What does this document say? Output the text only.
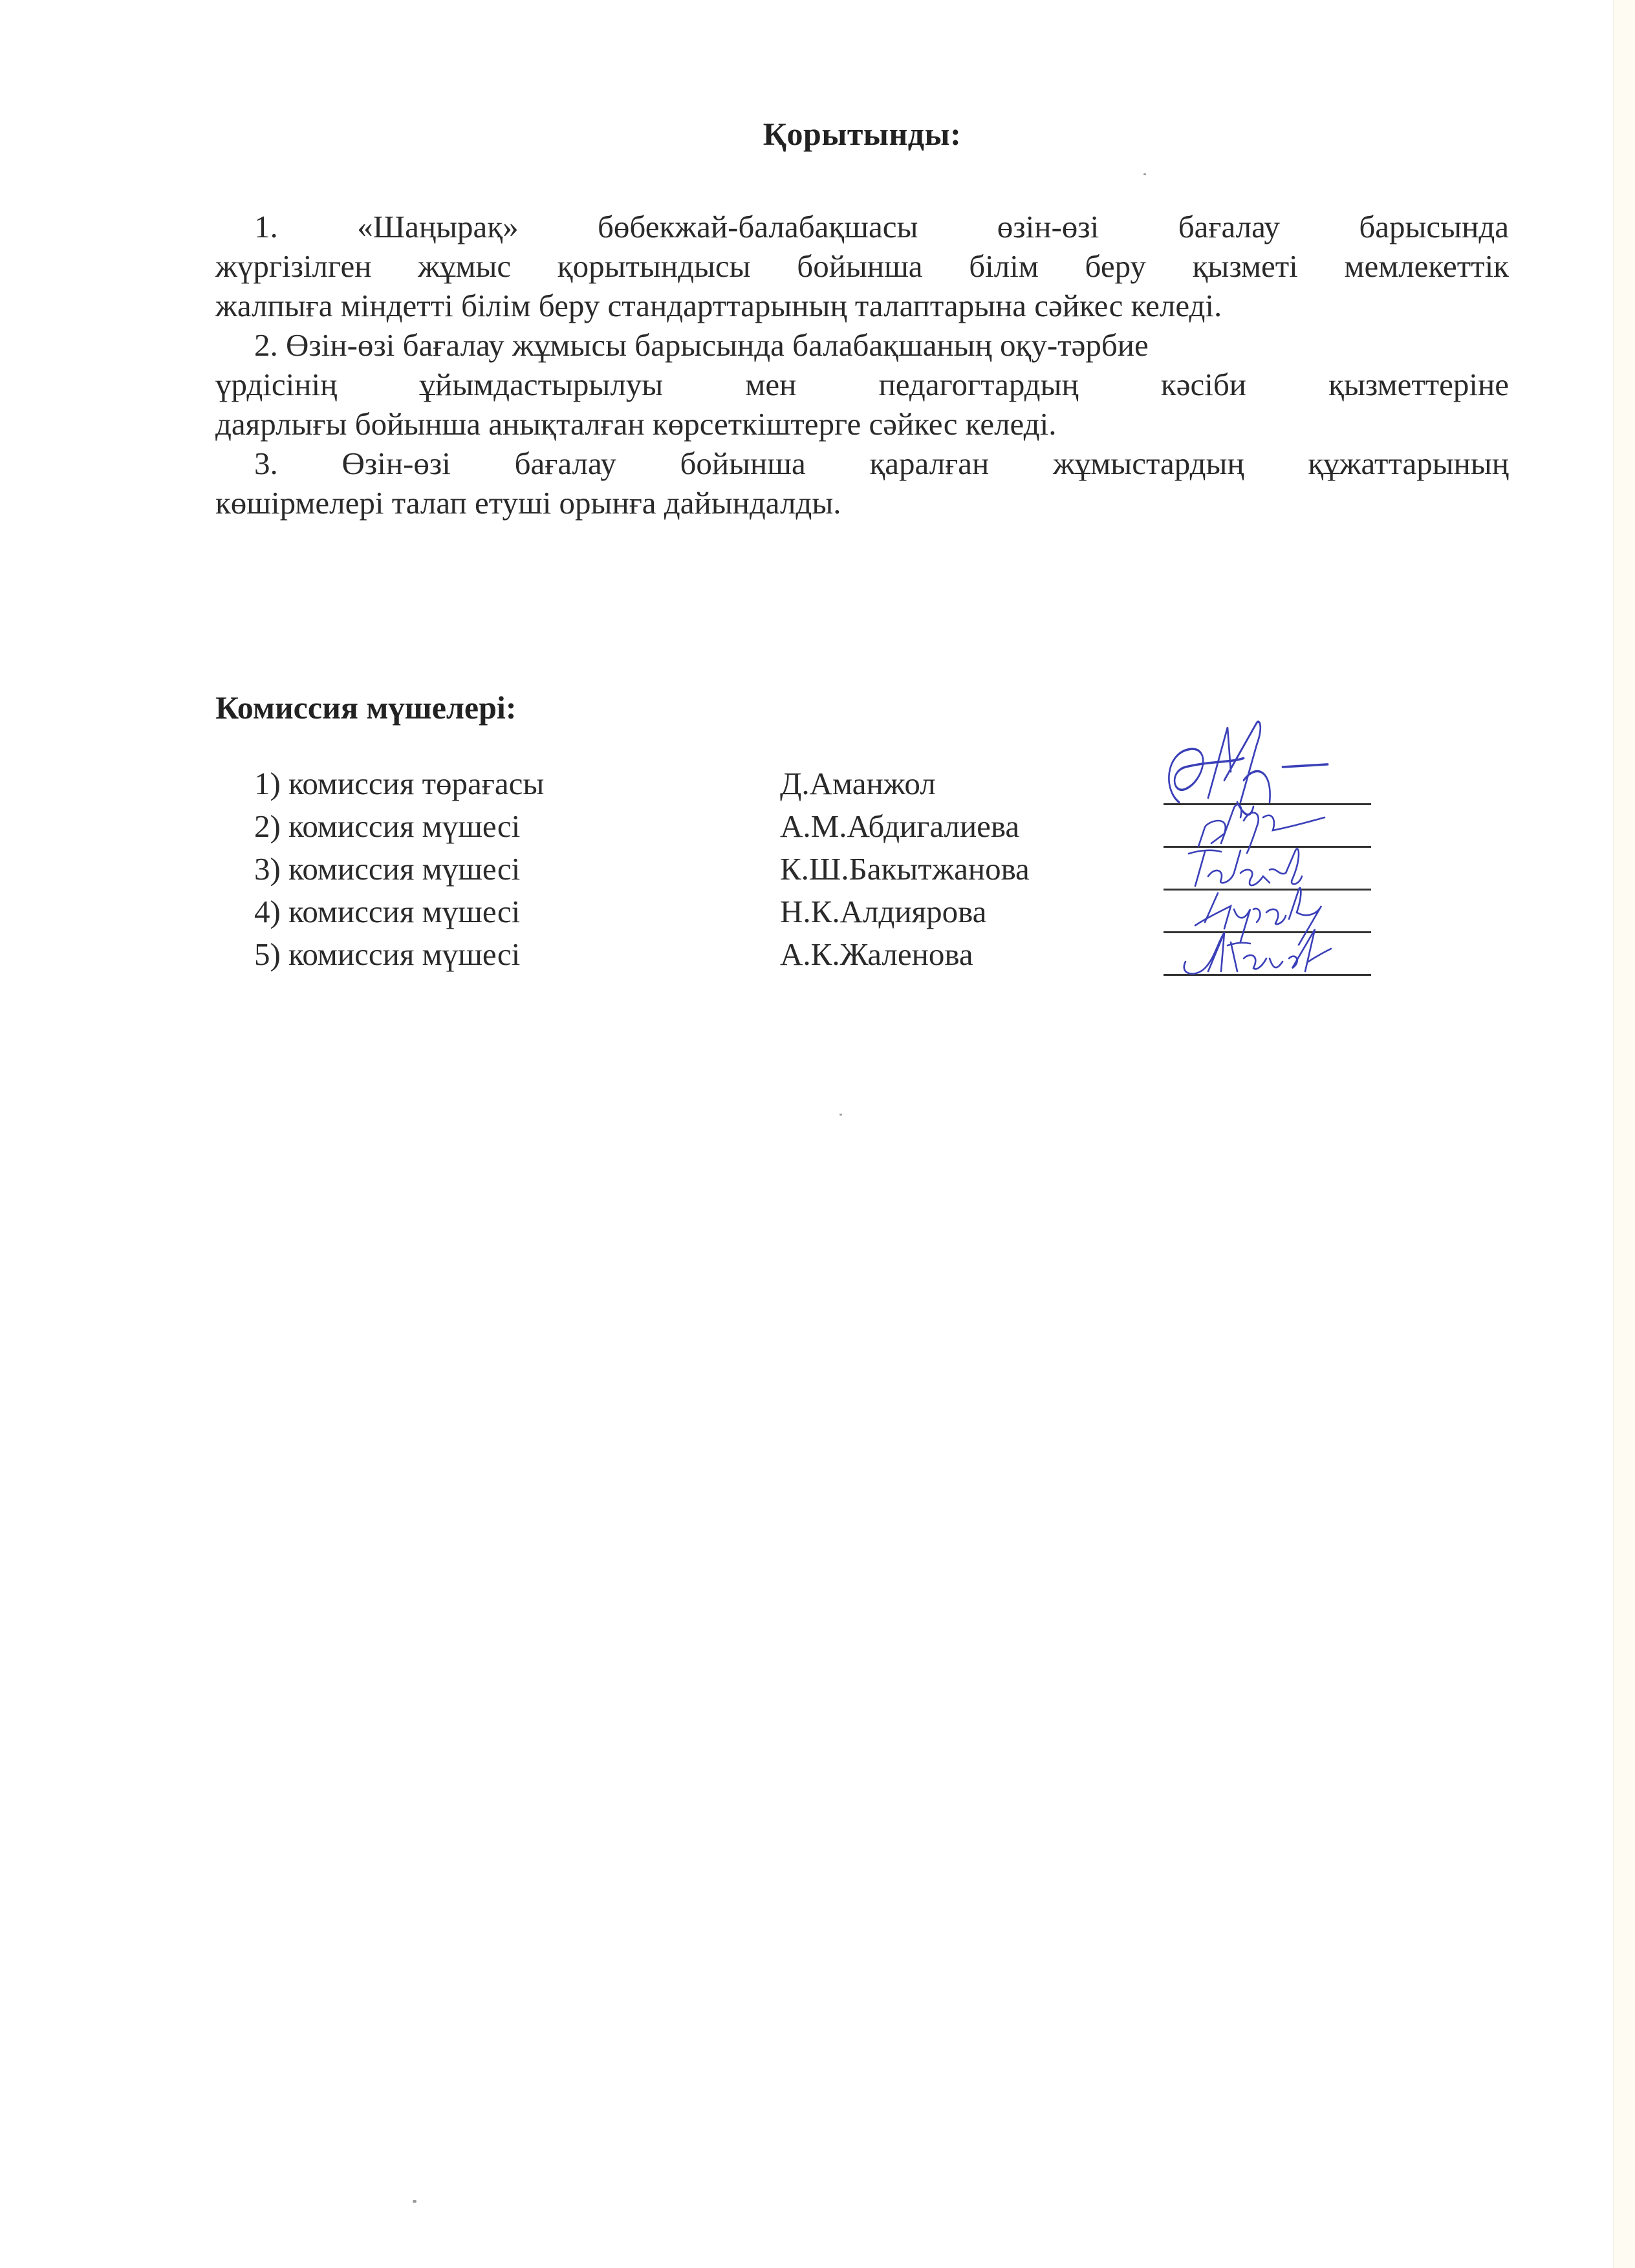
Қорытынды:

1. «Шаңырақ» бөбекжай-балабақшасы өзін-өзі бағалау барысында
жүргізілген жұмыс қорытындысы бойынша білім беру қызметі мемлекеттік
жалпыға міндетті білім беру стандарттарының талаптарына сәйкес келеді.

2. Өзін-өзі бағалау жұмысы барысында балабақшаның оқу-тәрбие
үрдісінің ұйымдастырылуы мен педагогтардың кәсіби қызметтеріне
даярлығы бойынша анықталған көрсеткіштерге сәйкес келеді.

3. Өзін-өзі бағалау бойынша қаралған жұмыстардың құжаттарының
көшірмелері талап етуші орынға дайындалды.

Комиссия мүшелері:
1) комиссия төрағасы	Д.Аманжол
2) комиссия мүшесі	А.М.Абдигалиева
3) комиссия мүшесі	К.Ш.Бакытжанова
4) комиссия мүшесі	Н.К.Алдиярова
5) комиссия мүшесі	А.К.Жаленова
